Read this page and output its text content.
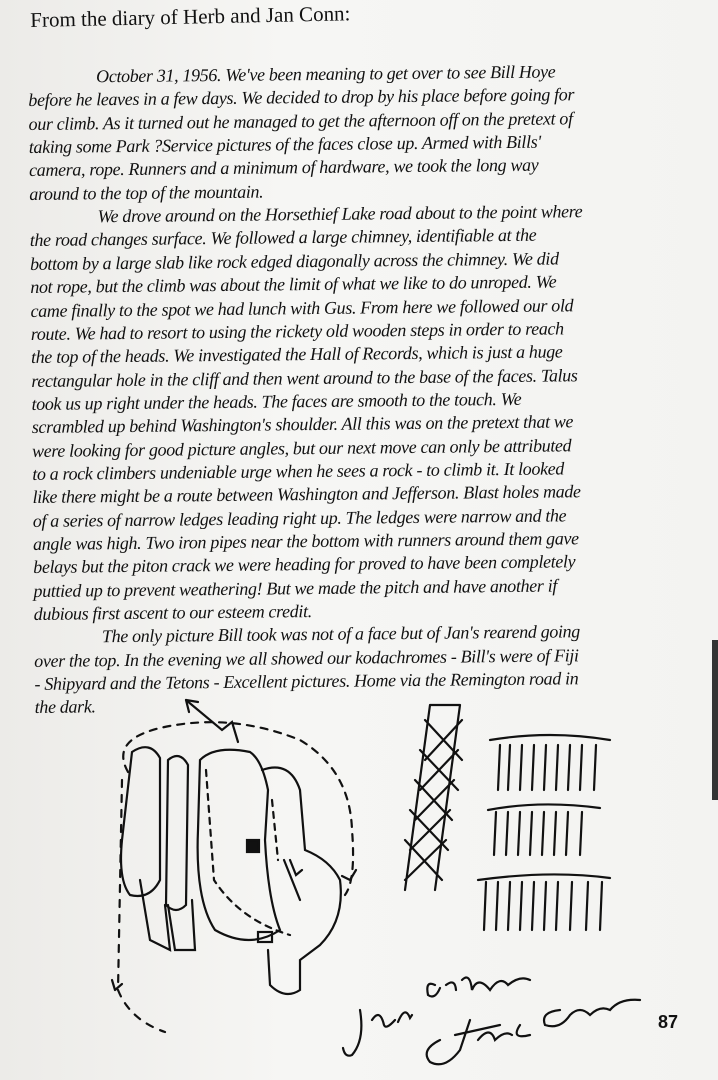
From the diary of Herb and Jan Conn:
October 31, 1956. We've been meaning to get over to see Bill Hoye
before he leaves in a few days. We decided to drop by his place before going for
our climb. As it turned out he managed to get the afternoon off on the pretext of
taking some Park ?Service pictures of the faces close up. Armed with Bills'
camera, rope. Runners and a minimum of hardware, we took the long way
around to the top of the mountain.
We drove around on the Horsethief Lake road about to the point where
the road changes surface. We followed a large chimney, identifiable at the
bottom by a large slab like rock edged diagonally across the chimney. We did
not rope, but the climb was about the limit of what we like to do unroped. We
came finally to the spot we had lunch with Gus. From here we followed our old
route. We had to resort to using the rickety old wooden steps in order to reach
the top of the heads. We investigated the Hall of Records, which is just a huge
rectangular hole in the cliff and then went around to the base of the faces. Talus
took us up right under the heads. The faces are smooth to the touch. We
scrambled up behind Washington's shoulder. All this was on the pretext that we
were looking for good picture angles, but our next move can only be attributed
to a rock climbers undeniable urge when he sees a rock - to climb it. It looked
like there might be a route between Washington and Jefferson. Blast holes made
of a series of narrow ledges leading right up. The ledges were narrow and the
angle was high. Two iron pipes near the bottom with runners around them gave
belays but the piton crack we were heading for proved to have been completely
puttied up to prevent weathering! But we made the pitch and have another if
dubious first ascent to our esteem credit.
The only picture Bill took was not of a face but of Jan's rearend going
over the top. In the evening we all showed our kodachromes - Bill's were of Fiji
- Shipyard and the Tetons - Excellent pictures. Home via the Remington road in
the dark.
87
